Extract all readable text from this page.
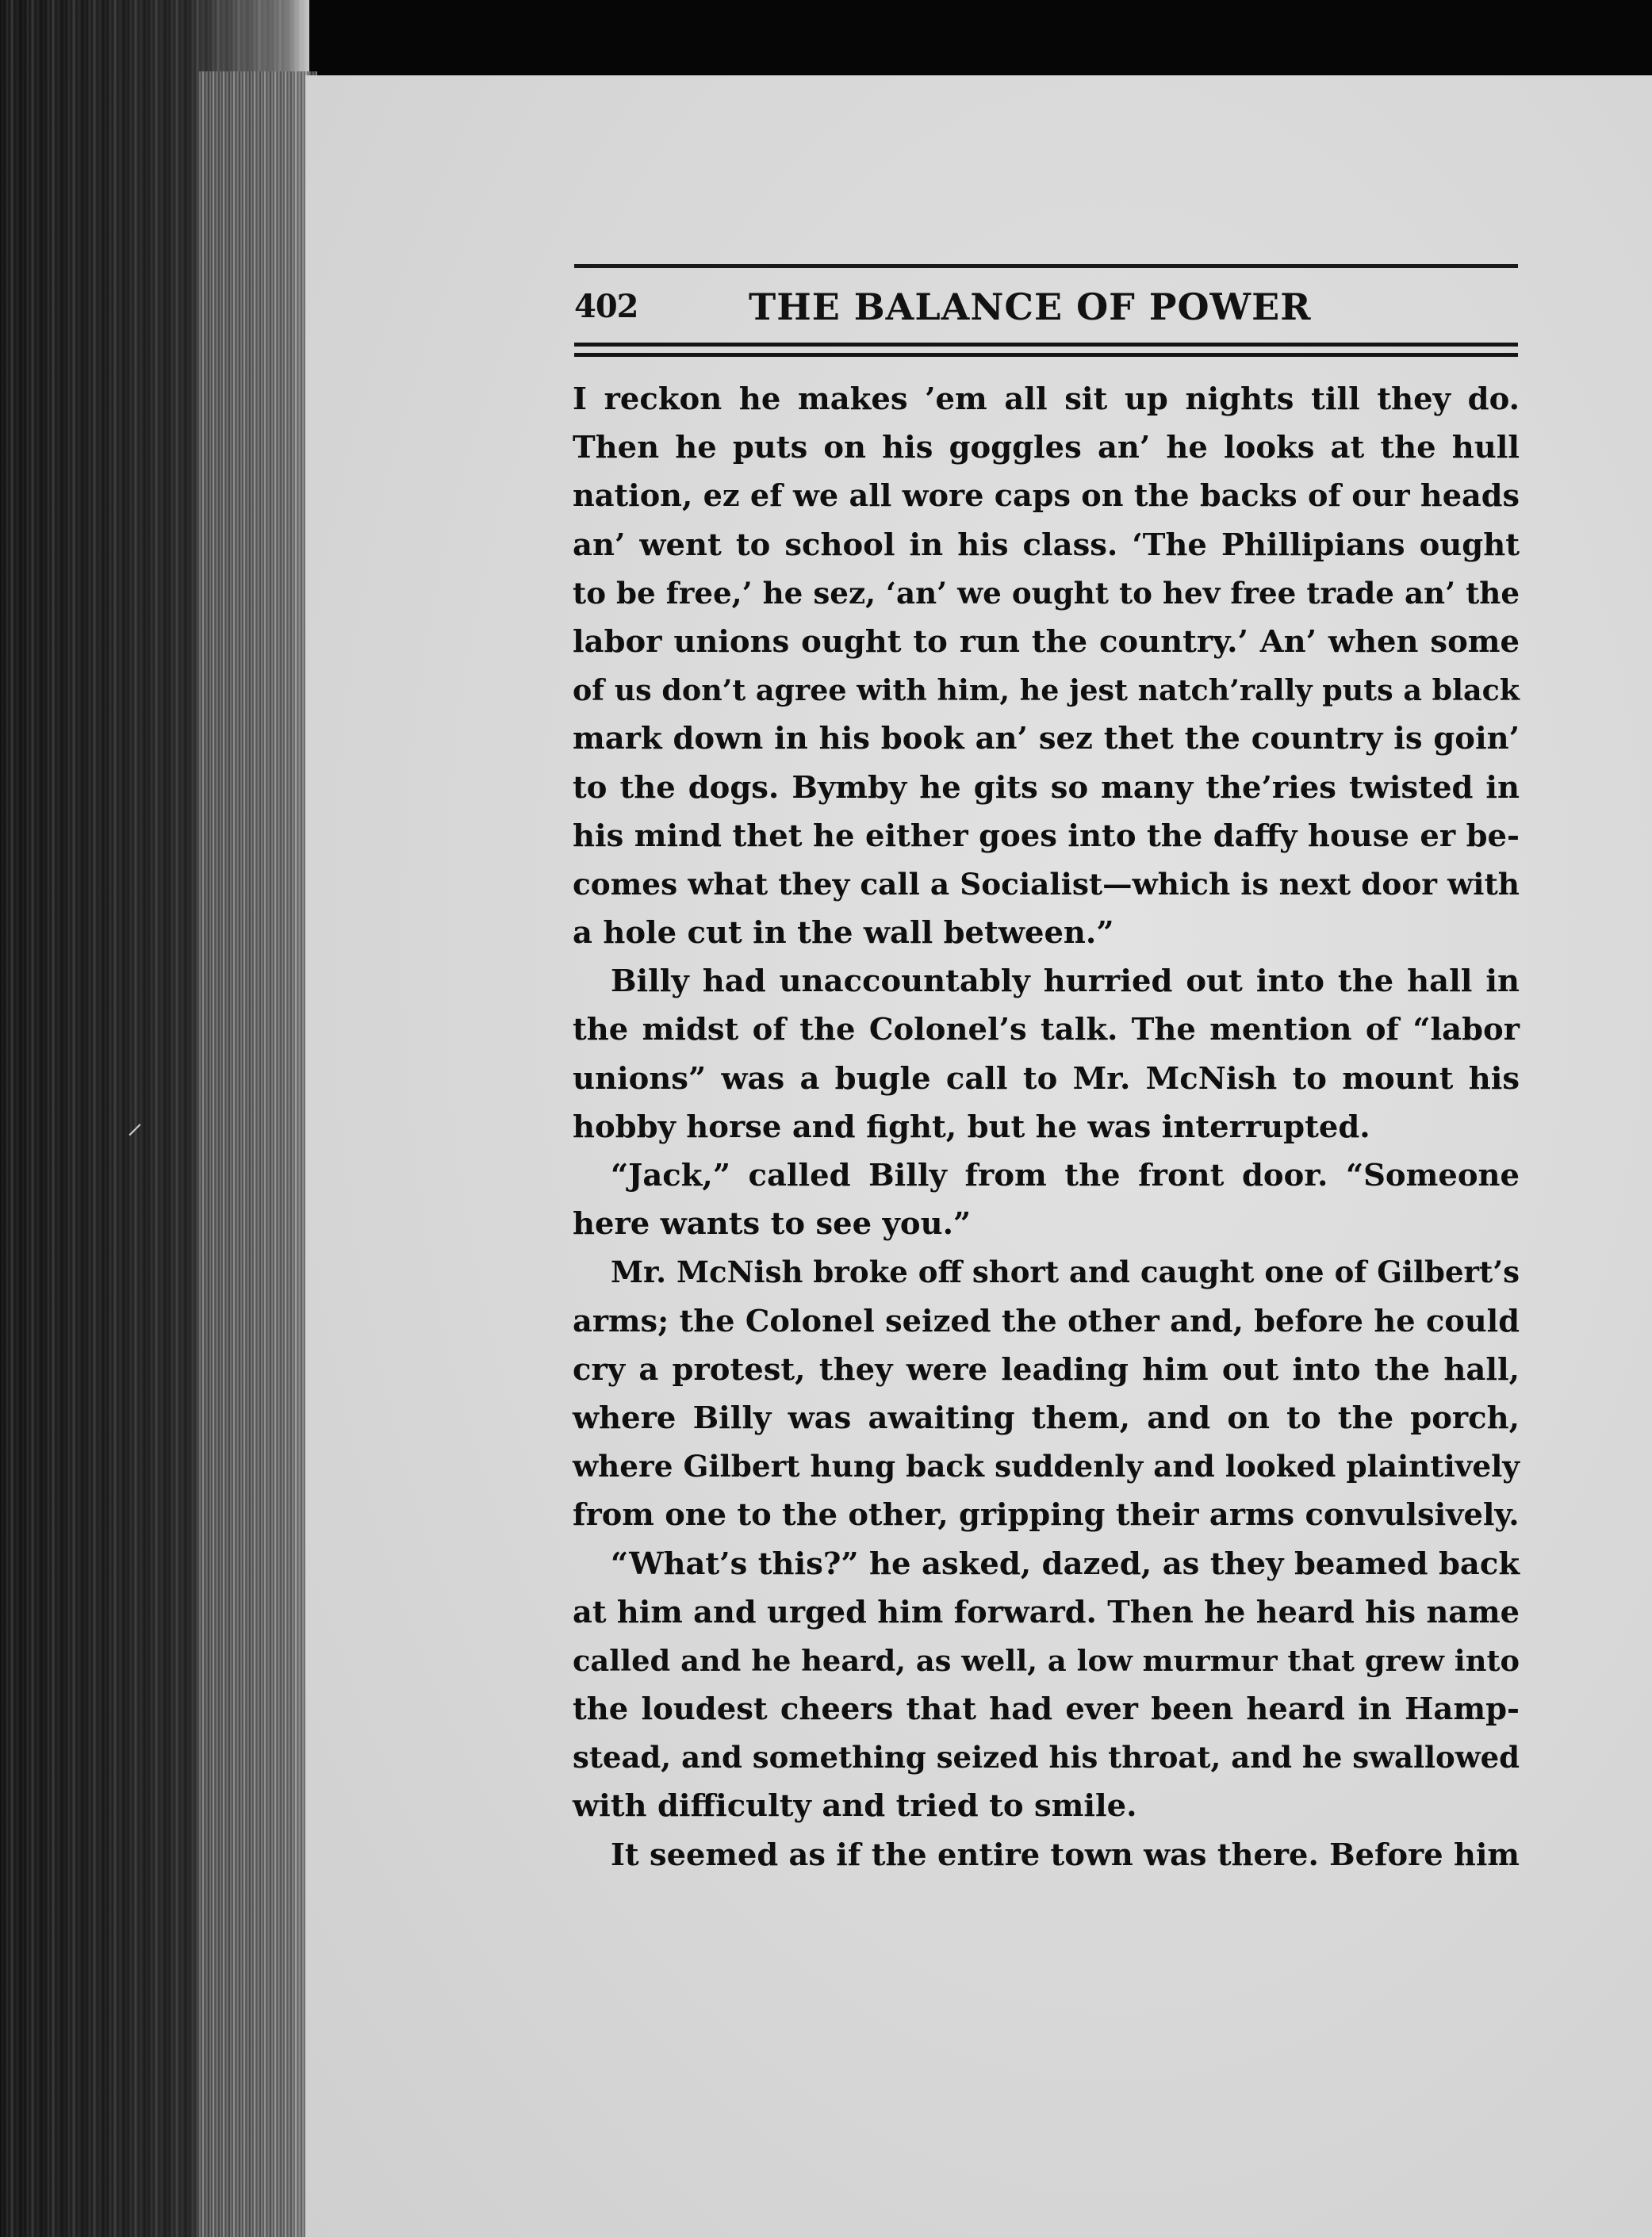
⸝
402	THE BALANCE OF POWER
I reckon he makes ’em all sit up nights till they do.
Then he puts on his goggles an’ he looks at the hull
nation, ez ef we all wore caps on the backs of our heads
an’ went to school in his class. ‘The Phillipians ought
to be free,’ he sez, ‘an’ we ought to hev free trade an’ the
labor unions ought to run the country.’ An’ when some
of us don’t agree with him, he jest natch’rally puts a black
mark down in his book an’ sez thet the country is goin’
to the dogs. Bymby he gits so many the’ries twisted in
his mind thet he either goes into the daffy house er be-
comes what they call a Socialist—which is next door with
a hole cut in the wall between.”
Billy had unaccountably hurried out into the hall in
the midst of the Colonel’s talk. The mention of “labor
unions” was a bugle call to Mr. McNish to mount his
hobby horse and fight, but he was interrupted.
“Jack,” called Billy from the front door. “Someone
here wants to see you.”
Mr. McNish broke off short and caught one of Gilbert’s
arms; the Colonel seized the other and, before he could
cry a protest, they were leading him out into the hall,
where Billy was awaiting them, and on to the porch,
where Gilbert hung back suddenly and looked plaintively
from one to the other, gripping their arms convulsively.
“What’s this?” he asked, dazed, as they beamed back
at him and urged him forward. Then he heard his name
called and he heard, as well, a low murmur that grew into
the loudest cheers that had ever been heard in Hamp-
stead, and something seized his throat, and he swallowed
with difficulty and tried to smile.
It seemed as if the entire town was there. Before him
